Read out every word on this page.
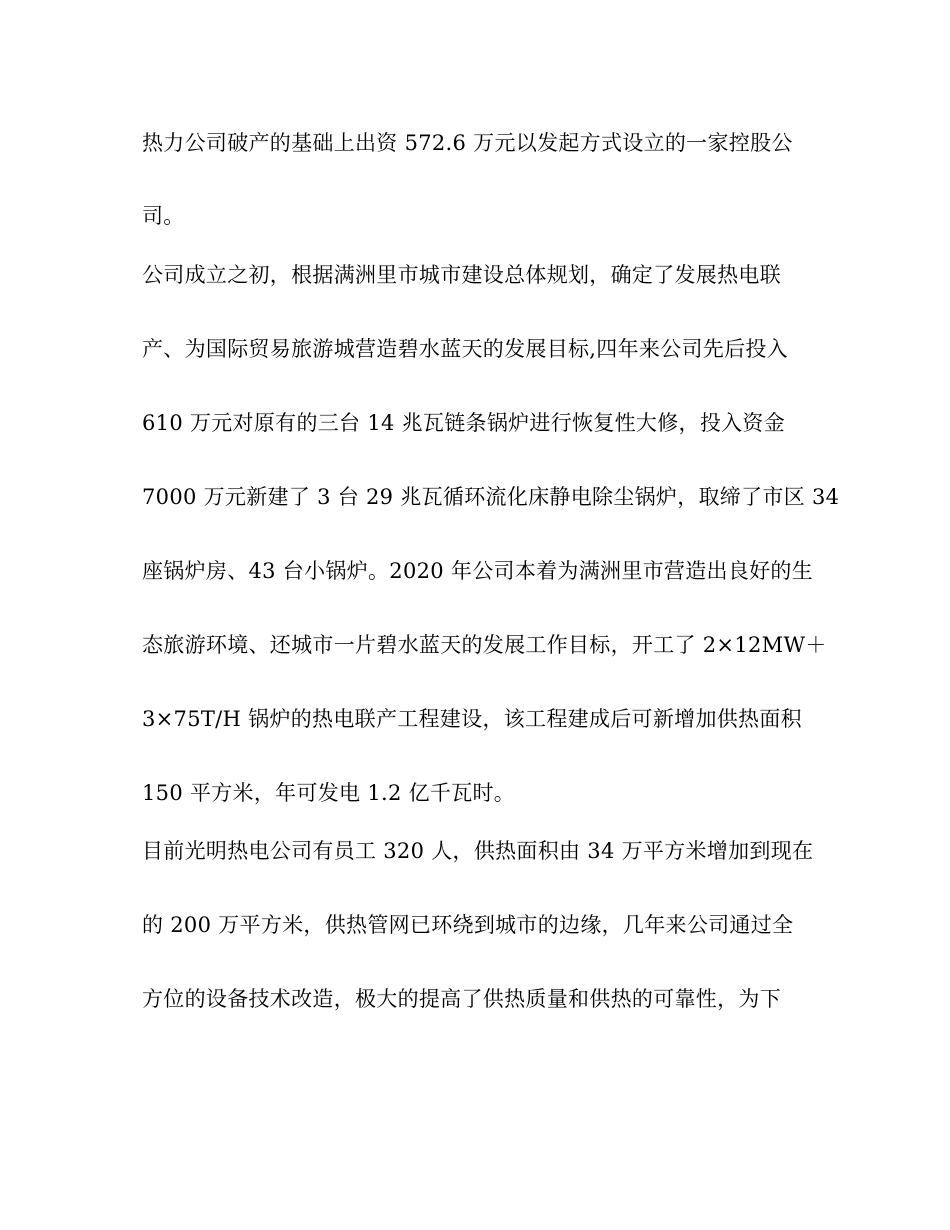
热力公司破产的基础上出资 572.6 万元以发起方式设立的一家控股公
司。
公司成立之初，根据满洲里市城市建设总体规划，确定了发展热电联
产、为国际贸易旅游城营造碧水蓝天的发展目标,四年来公司先后投入
610 万元对原有的三台 14 兆瓦链条锅炉进行恢复性大修，投入资金
7000 万元新建了 3 台 29 兆瓦循环流化床静电除尘锅炉，取缔了市区 34
座锅炉房、43 台小锅炉。2020 年公司本着为满洲里市营造出良好的生
态旅游环境、还城市一片碧水蓝天的发展工作目标，开工了 2×12MW＋
3×75T/H 锅炉的热电联产工程建设，该工程建成后可新增加供热面积
150 平方米，年可发电 1.2 亿千瓦时。
目前光明热电公司有员工 320 人，供热面积由 34 万平方米增加到现在
的 200 万平方米，供热管网已环绕到城市的边缘，几年来公司通过全
方位的设备技术改造，极大的提高了供热质量和供热的可靠性，为下
